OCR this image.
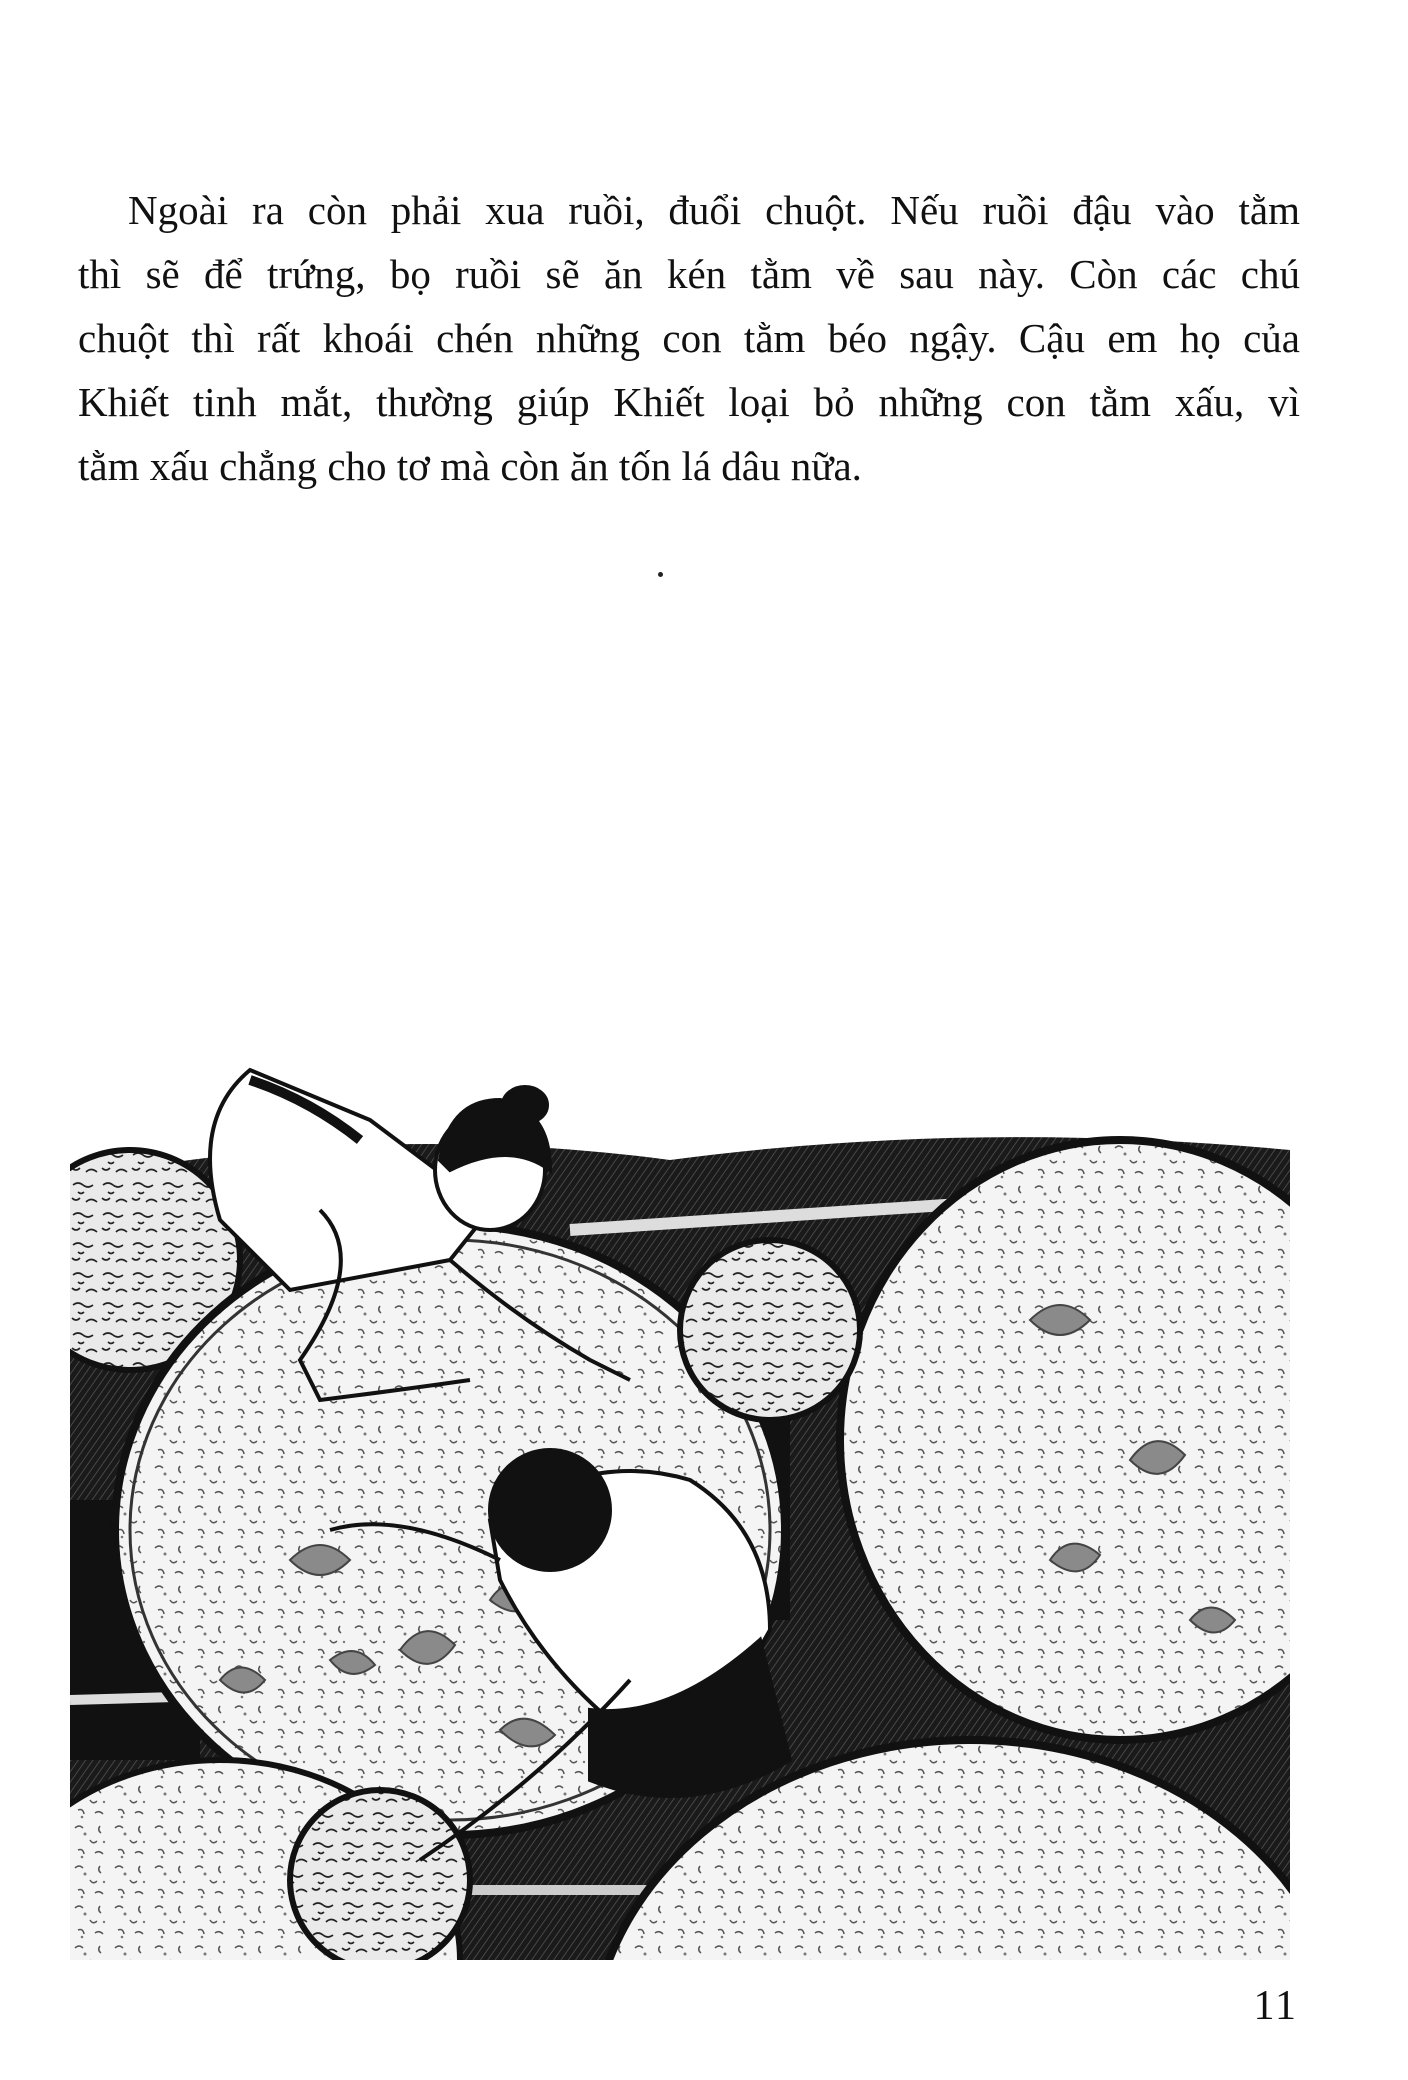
Ngoài ra còn phải xua ruồi, đuổi chuột. Nếu ruồi đậu vào tằm
thì sẽ để trứng, bọ ruồi sẽ ăn kén tằm về sau này. Còn các chú
chuột thì rất khoái chén những con tằm béo ngậy. Cậu em họ của
Khiết tinh mắt, thường giúp Khiết loại bỏ những con tằm xấu, vì
tằm xấu chẳng cho tơ mà còn ăn tốn lá dâu nữa.

11
